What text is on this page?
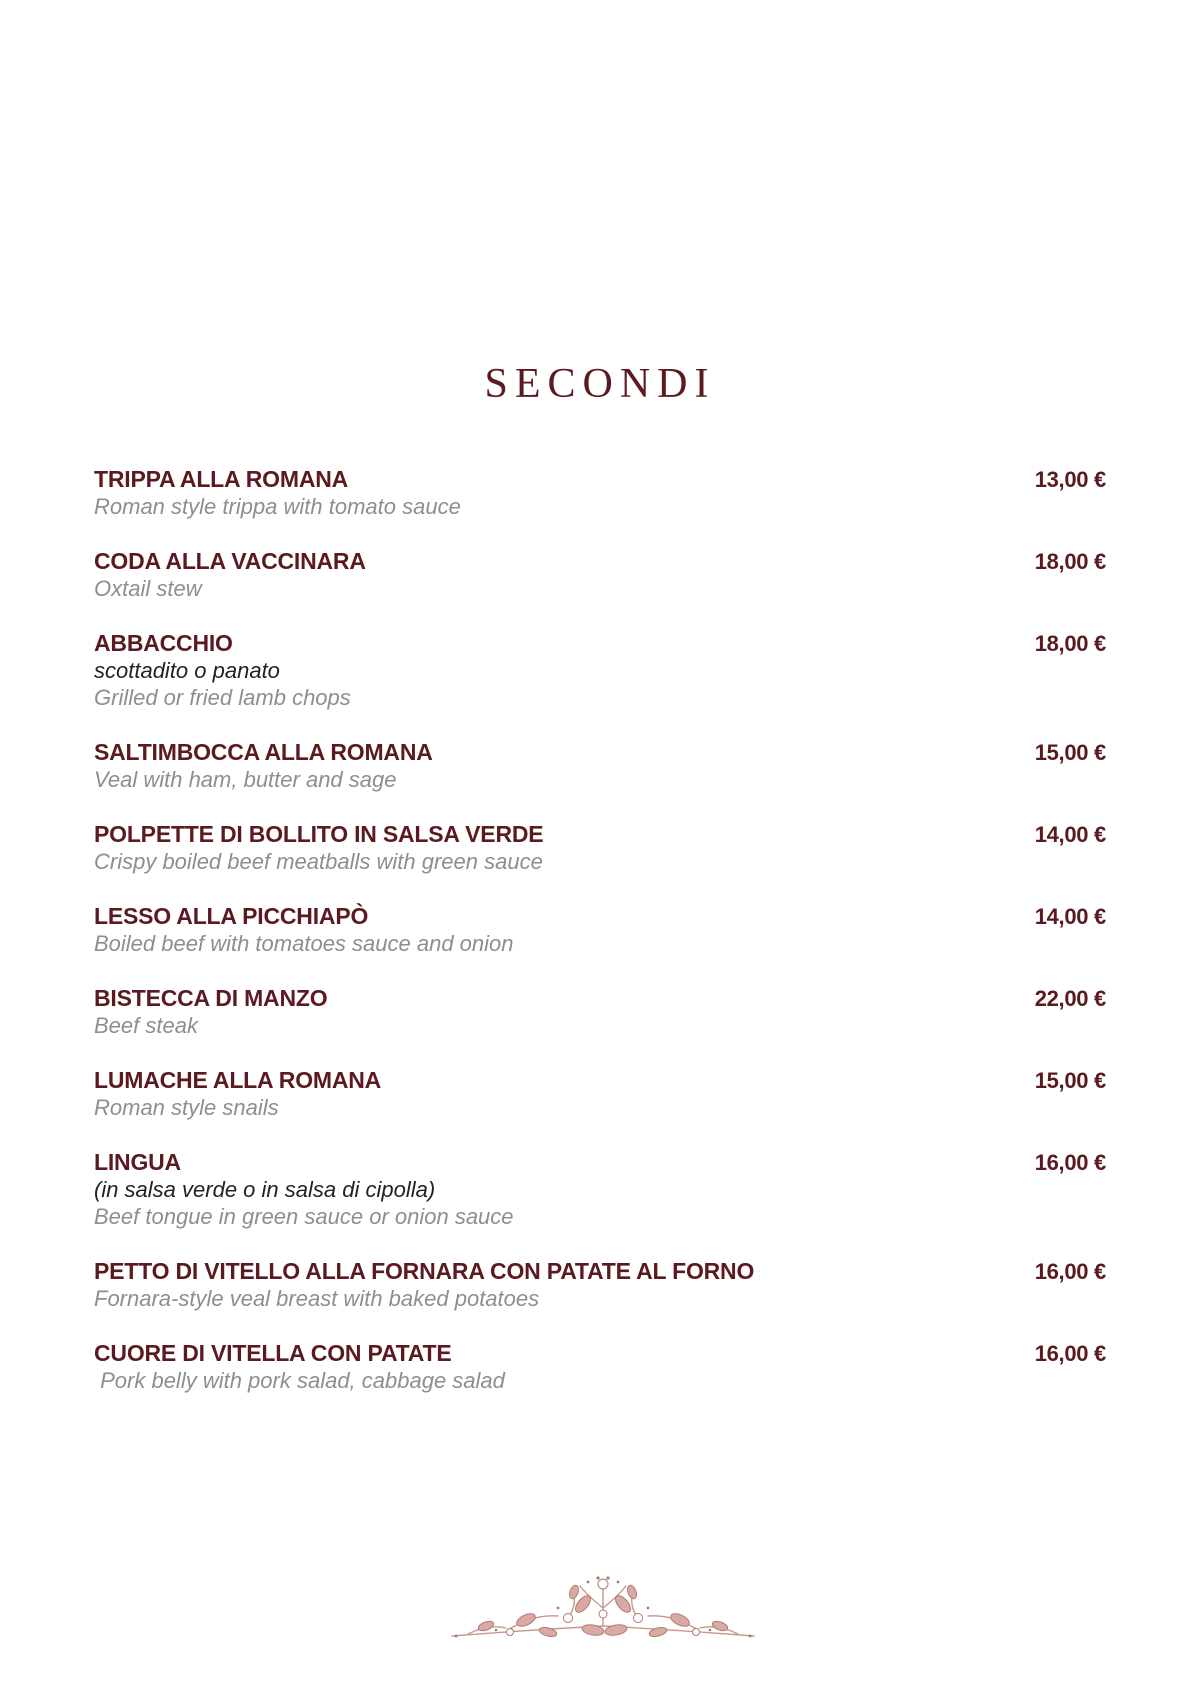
SECONDI
TRIPPA ALLA ROMANA	13,00 €
Roman style trippa with tomato sauce
CODA ALLA VACCINARA	18,00 €
Oxtail stew
ABBACCHIO	18,00 €
scottadito o panato
Grilled or fried lamb chops
SALTIMBOCCA ALLA ROMANA	15,00 €
Veal with ham, butter and sage
POLPETTE DI BOLLITO IN SALSA VERDE	14,00 €
Crispy boiled beef meatballs with green sauce
LESSO ALLA PICCHIAPÒ	14,00 €
Boiled beef with tomatoes sauce and onion
BISTECCA DI MANZO	22,00 €
Beef steak
LUMACHE ALLA ROMANA	15,00 €
Roman style snails
LINGUA	16,00 €
(in salsa verde o in salsa di cipolla)
Beef tongue in green sauce or onion sauce
PETTO DI VITELLO ALLA FORNARA CON PATATE AL FORNO	16,00 €
Fornara-style veal breast with baked potatoes
CUORE DI VITELLA CON PATATE	16,00 €
Pork belly with pork salad, cabbage salad
